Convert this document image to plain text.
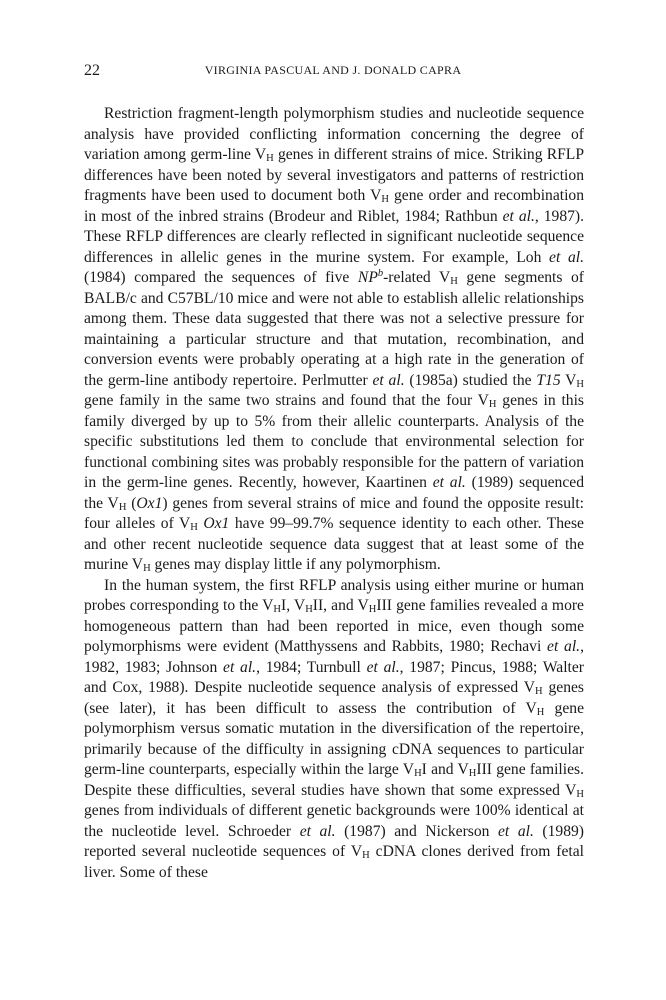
22	VIRGINIA PASCUAL AND J. DONALD CAPRA

Restriction fragment-length polymorphism studies and nucleotide sequence analysis have provided conflicting information concerning the degree of variation among germ-line $V_H$ genes in different strains of mice. Striking RFLP differences have been noted by several investigators and patterns of restriction fragments have been used to document both $V_H$ gene order and recombination in most of the inbred strains (Brodeur and Riblet, 1984; Rathbun et al., 1987). These RFLP differences are clearly reflected in significant nucleotide sequence differences in allelic genes in the murine system. For example, Loh et al. (1984) compared the sequences of five $NP^b$-related $V_H$ gene segments of BALB/c and C57BL/10 mice and were not able to establish allelic relationships among them. These data suggested that there was not a selective pressure for maintaining a particular structure and that mutation, recombination, and conversion events were probably operating at a high rate in the generation of the germ-line antibody repertoire. Perlmutter et al. (1985a) studied the T15 $V_H$ gene family in the same two strains and found that the four $V_H$ genes in this family diverged by up to 5% from their allelic counterparts. Analysis of the specific substitutions led them to conclude that environmental selection for functional combining sites was probably responsible for the pattern of variation in the germ-line genes. Recently, however, Kaartinen et al. (1989) sequenced the $V_H$ (Ox1) genes from several strains of mice and found the opposite result: four alleles of $V_H$ Ox1 have 99–99.7% sequence identity to each other. These and other recent nucleotide sequence data suggest that at least some of the murine $V_H$ genes may display little if any polymorphism.

In the human system, the first RFLP analysis using either murine or human probes corresponding to the $V_HI$, $V_HII$, and $V_HIII$ gene families revealed a more homogeneous pattern than had been reported in mice, even though some polymorphisms were evident (Matthyssens and Rabbits, 1980; Rechavi et al., 1982, 1983; Johnson et al., 1984; Turnbull et al., 1987; Pincus, 1988; Walter and Cox, 1988). Despite nucleotide sequence analysis of expressed $V_H$ genes (see later), it has been difficult to assess the contribution of $V_H$ gene polymorphism versus somatic mutation in the diversification of the repertoire, primarily because of the difficulty in assigning cDNA sequences to particular germ-line counterparts, especially within the large $V_HI$ and $V_HIII$ gene families. Despite these difficulties, several studies have shown that some expressed $V_H$ genes from individuals of different genetic backgrounds were 100% identical at the nucleotide level. Schroeder et al. (1987) and Nickerson et al. (1989) reported several nucleotide sequences of $V_H$ cDNA clones derived from fetal liver. Some of these
